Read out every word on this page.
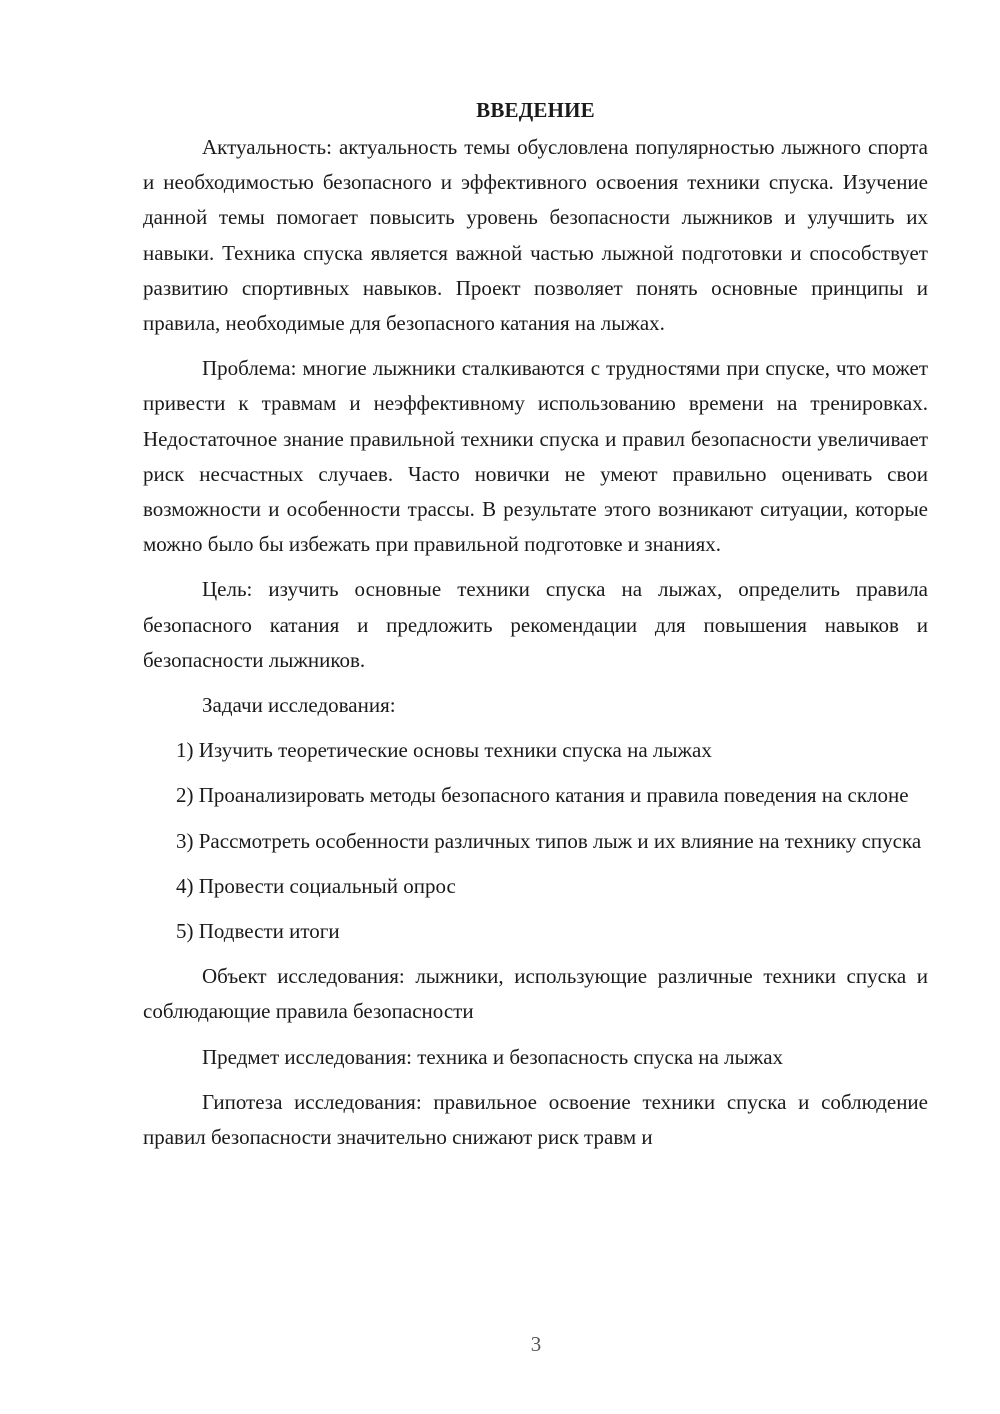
ВВЕДЕНИЕ
Актуальность: актуальность темы обусловлена популярностью лыжного спорта и необходимостью безопасного и эффективного освоения техники спуска. Изучение данной темы помогает повысить уровень безопасности лыжников и улучшить их навыки. Техника спуска является важной частью лыжной подготовки и способствует развитию спортивных навыков. Проект позволяет понять основные принципы и правила, необходимые для безопасного катания на лыжах.
Проблема: многие лыжники сталкиваются с трудностями при спуске, что может привести к травмам и неэффективному использованию времени на тренировках. Недостаточное знание правильной техники спуска и правил безопасности увеличивает риск несчастных случаев. Часто новички не умеют правильно оценивать свои возможности и особенности трассы. В результате этого возникают ситуации, которые можно было бы избежать при правильной подготовке и знаниях.
Цель: изучить основные техники спуска на лыжах, определить правила безопасного катания и предложить рекомендации для повышения навыков и безопасности лыжников.
Задачи исследования:
1) Изучить теоретические основы техники спуска на лыжах
2) Проанализировать методы безопасного катания и правила поведения на склоне
3) Рассмотреть особенности различных типов лыж и их влияние на технику спуска
4) Провести социальный опрос
5) Подвести итоги
Объект исследования: лыжники, использующие различные техники спуска и соблюдающие правила безопасности
Предмет исследования: техника и безопасность спуска на лыжах
Гипотеза исследования: правильное освоение техники спуска и соблюдение правил безопасности значительно снижают риск травм и
3
